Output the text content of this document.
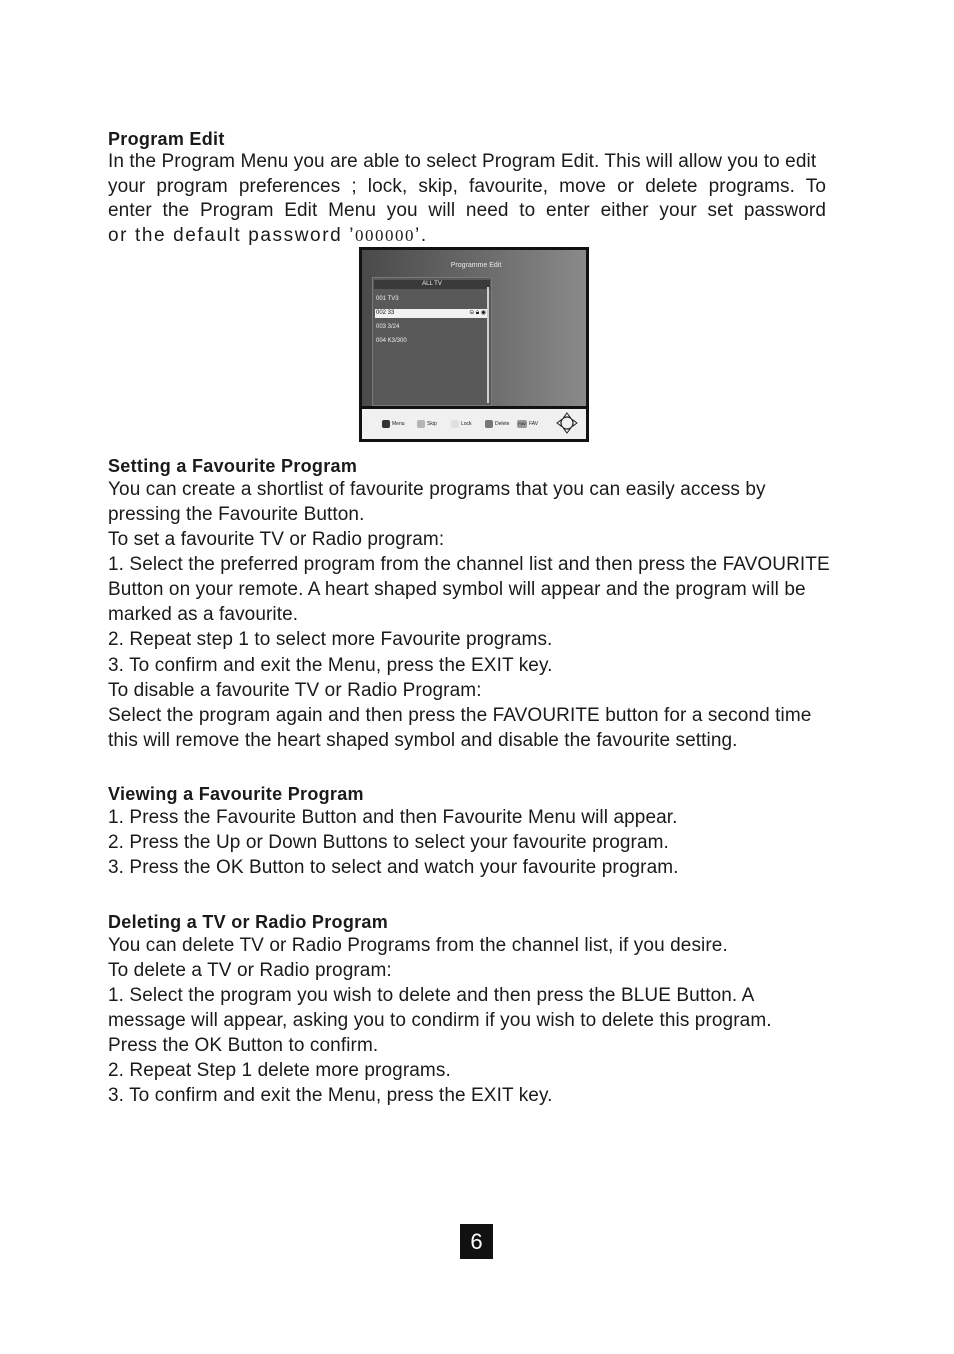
Program Edit
In the Program Menu you are able to select Program Edit. This will allow you to edit
your program preferences ; lock, skip, favourite, move or delete programs. To
enter the Program Edit Menu you will need to enter either your set password
or the default password ’000000’.
Programme Edit
ALL TV
001 TV3
002 33	⊝ 🔒︎ ◉
003 3/24
004 K3/300
Menu	Skip	Lock	Delete	FAV FAV
Setting a Favourite Program
You can create a shortlist of favourite programs that you can easily access by
pressing the Favourite Button.
To set a favourite TV or Radio program:
1. Select the preferred program from the channel list and then press the FAVOURITE
Button on your remote. A heart shaped symbol will appear and the program will be
marked as a favourite.
2. Repeat step 1 to select more Favourite programs.
3. To confirm and exit the Menu, press the EXIT key.
To disable a favourite TV or Radio Program:
Select the program again and then press the FAVOURITE button for a second time
this will remove the heart shaped symbol and disable the favourite setting.
Viewing a Favourite Program
1. Press the Favourite Button and then Favourite Menu will appear.
2. Press the Up or Down Buttons to select your favourite program.
3. Press the OK Button to select and watch your favourite program.
Deleting a TV or Radio Program
You can delete TV or Radio Programs from the channel list, if you desire.
To delete a TV or Radio program:
1. Select the program you wish to delete and then press the BLUE Button. A
message will appear, asking you to condirm if you wish to delete this program.
Press the OK Button to confirm.
2. Repeat Step 1 delete more programs.
3. To confirm and exit the Menu, press the EXIT key.
6
